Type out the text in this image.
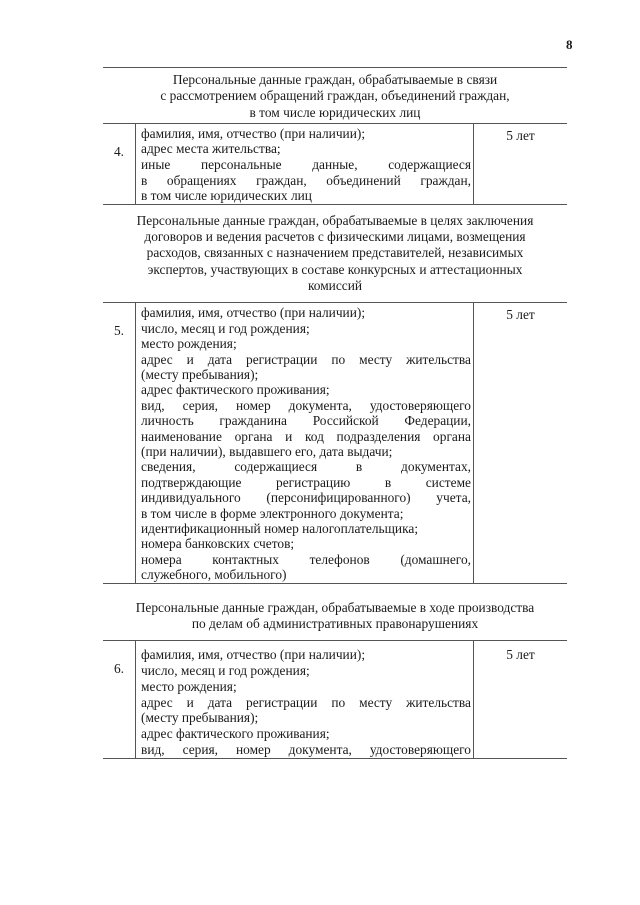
8
Персональные данные граждан, обрабатываемые в связи
с рассмотрением обращений граждан, объединений граждан,
в том числе юридических лиц
4.
фамилия, имя, отчество (при наличии);
адрес места жительства;
иные персональные данные, содержащиеся
в обращениях граждан, объединений граждан,
в том числе юридических лиц
5 лет
Персональные данные граждан, обрабатываемые в целях заключения
договоров и ведения расчетов с физическими лицами, возмещения
расходов, связанных с назначением представителей, независимых
экспертов, участвующих в составе конкурсных и аттестационных
комиссий
5.
фамилия, имя, отчество (при наличии);
число, месяц и год рождения;
место рождения;
адрес и дата регистрации по месту жительства
(месту пребывания);
адрес фактического проживания;
вид, серия, номер документа, удостоверяющего
личность гражданина Российской Федерации,
наименование органа и код подразделения органа
(при наличии), выдавшего его, дата выдачи;
сведения, содержащиеся в документах,
подтверждающие регистрацию в системе
индивидуального (персонифицированного) учета,
в том числе в форме электронного документа;
идентификационный номер налогоплательщика;
номера банковских счетов;
номера контактных телефонов (домашнего,
служебного, мобильного)
5 лет
Персональные данные граждан, обрабатываемые в ходе производства
по делам об административных правонарушениях
6.
фамилия, имя, отчество (при наличии);
число, месяц и год рождения;
место рождения;
адрес и дата регистрации по месту жительства
(месту пребывания);
адрес фактического проживания;
вид, серия, номер документа, удостоверяющего
5 лет
